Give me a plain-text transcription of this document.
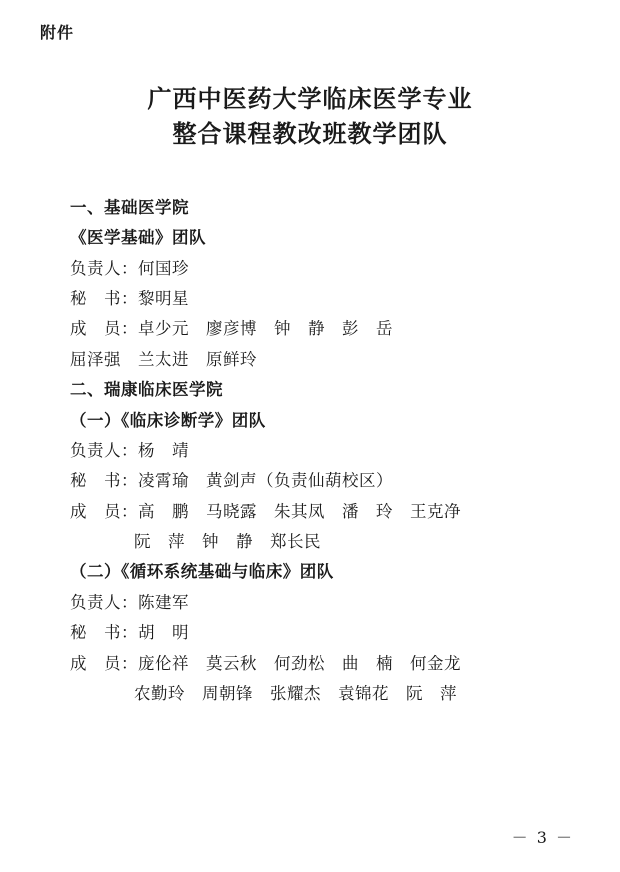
附件

广西中医药大学临床医学专业
整合课程教改班教学团队

一、基础医学院

《医学基础》团队

负责人：何国珍

秘　书：黎明星

成　员：卓少元　廖彦博　钟　静　彭　岳

屈泽强　兰太进　原鲜玲

二、瑞康临床医学院

（一）《临床诊断学》团队

负责人：杨　靖

秘　书：凌霄瑜　黄剑声（负责仙葫校区）

成　员：高　鹏　马晓露　朱其凤　潘　玲　王克净

阮　萍　钟　静　郑长民

（二）《循环系统基础与临床》团队

负责人：陈建军

秘　书：胡　明

成　员：庞伦祥　莫云秋　何劲松　曲　楠　何金龙

农勤玲　周朝锋　张耀杰　袁锦花　阮　萍

－ 3 －
